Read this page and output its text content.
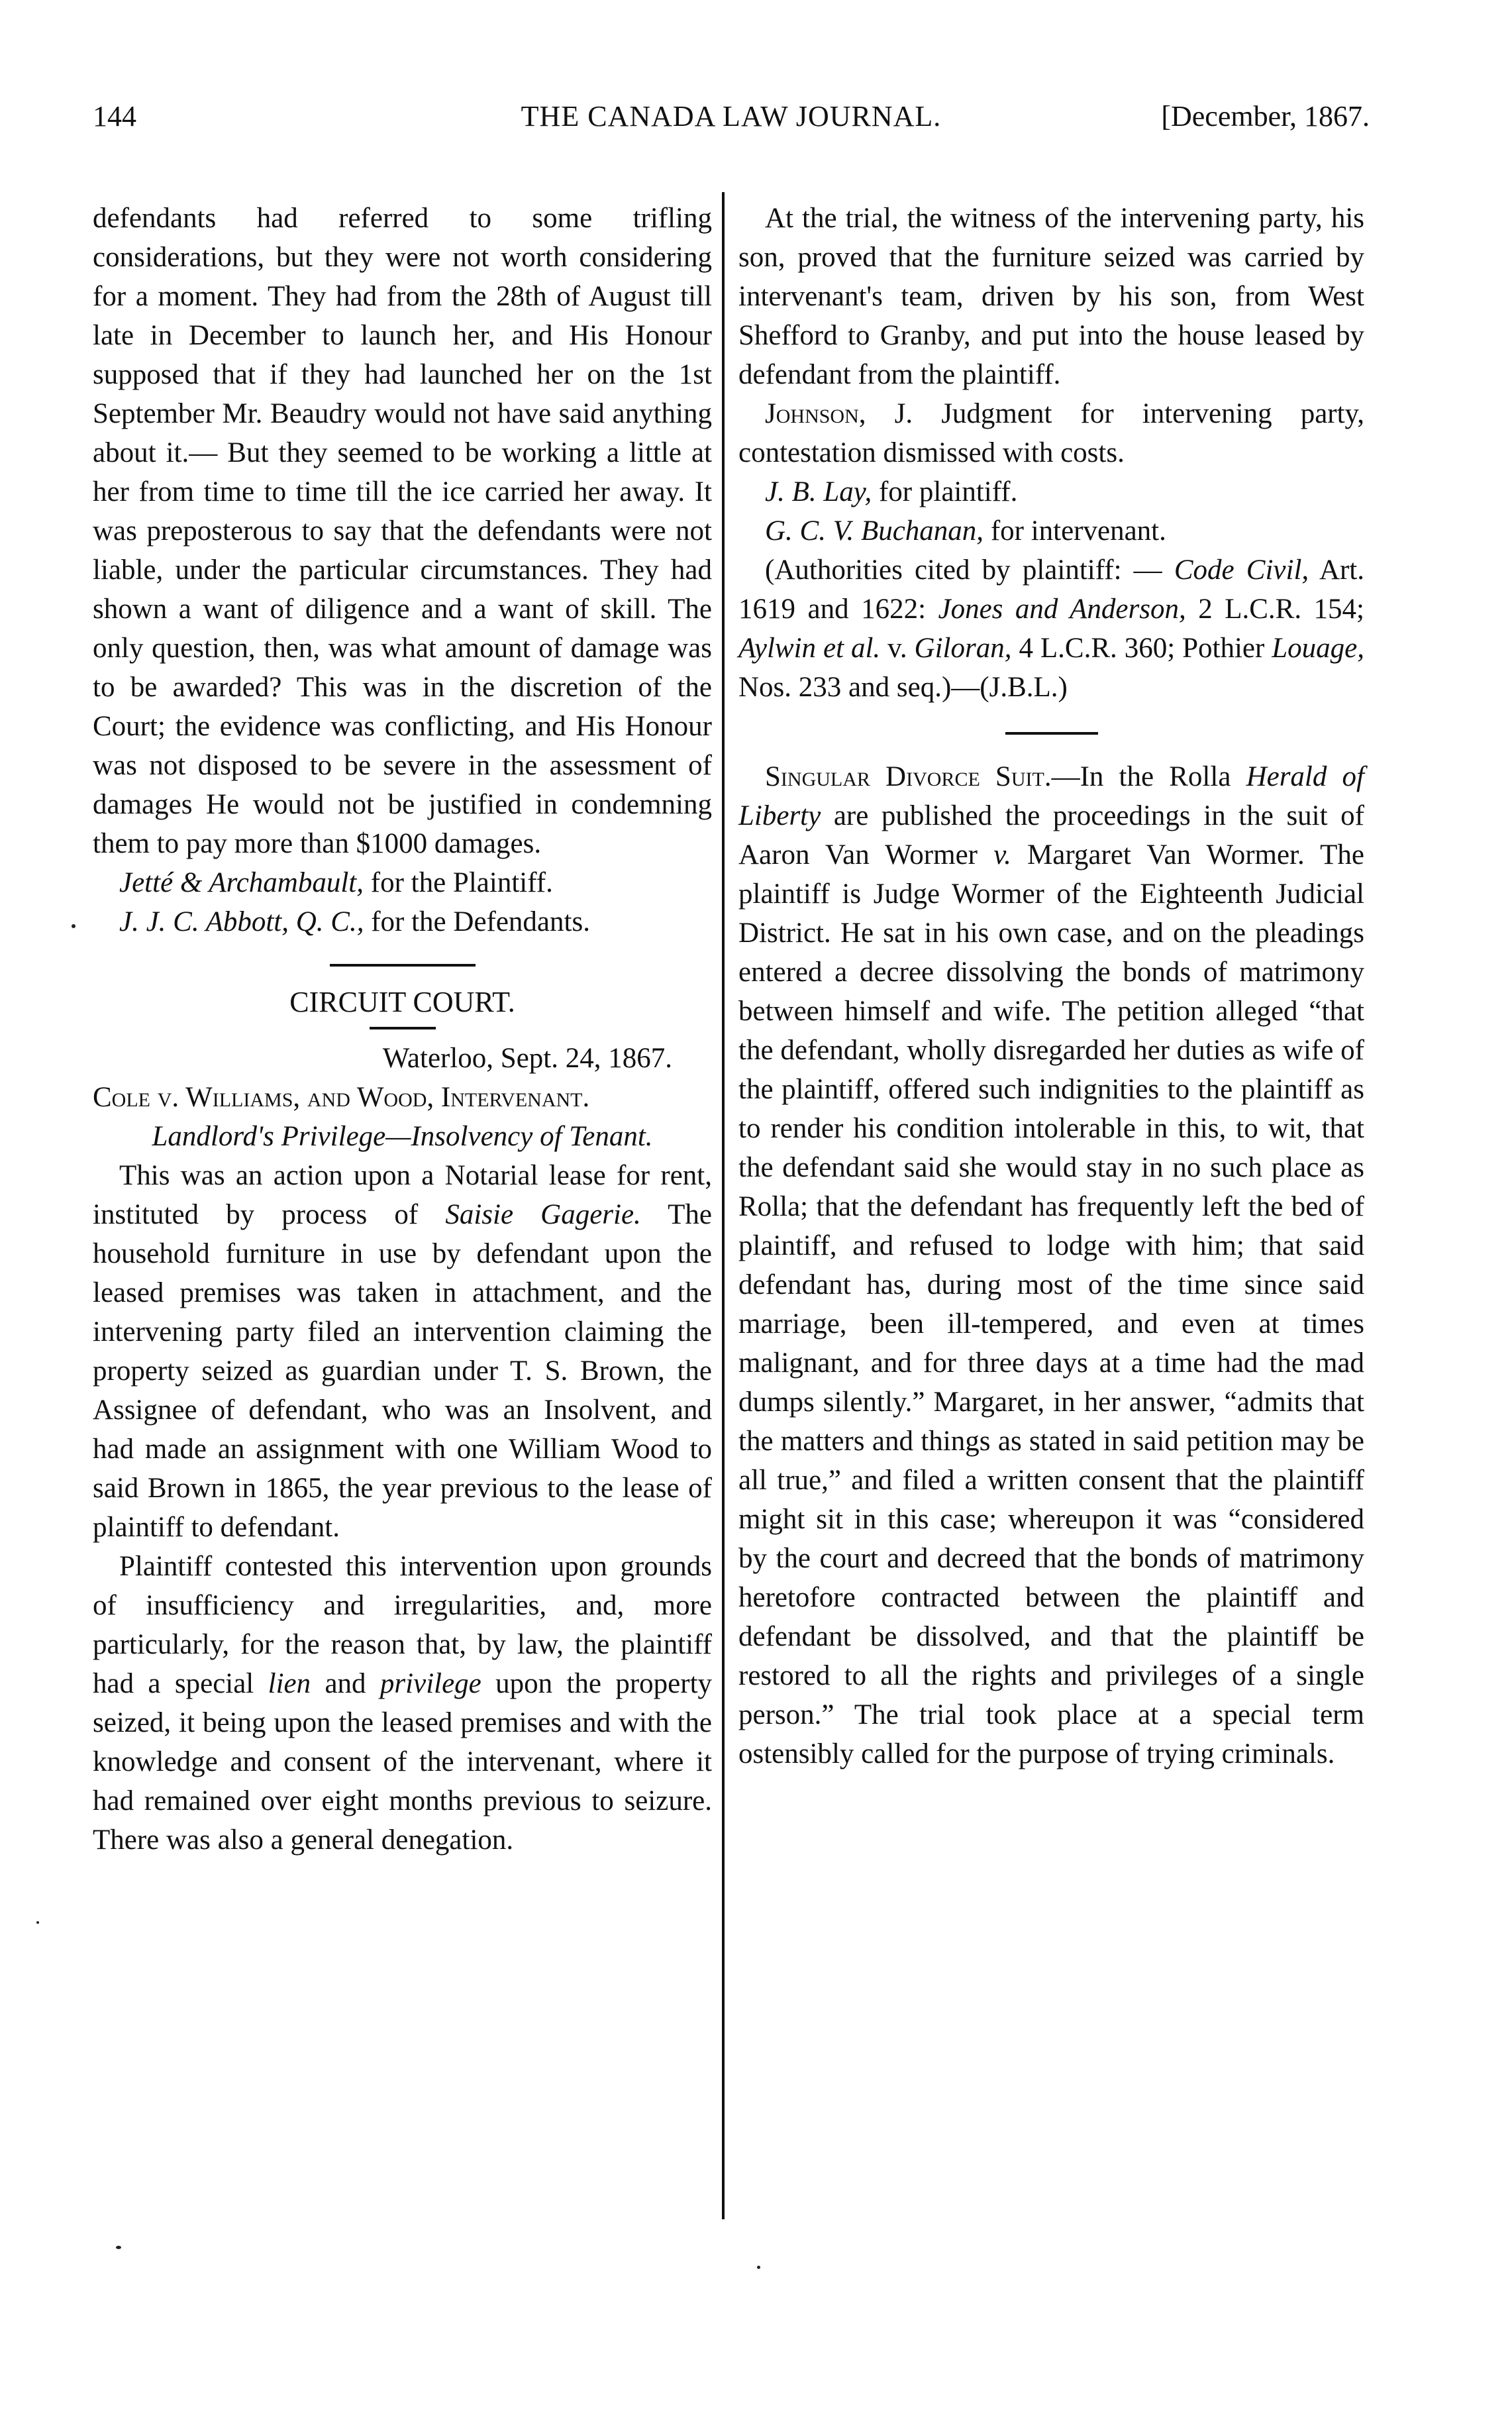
144	THE CANADA LAW JOURNAL.	[December, 1867.

defendants had referred to some trifling considerations, but they were not worth considering for a moment. They had from the 28th of August till late in December to launch her, and His Honour supposed that if they had launched her on the 1st September Mr. Beaudry would not have said anything about it.— But they seemed to be working a little at her from time to time till the ice carried her away. It was preposterous to say that the defendants were not liable, under the particular circumstances. They had shown a want of diligence and a want of skill. The only question, then, was what amount of damage was to be awarded? This was in the discretion of the Court; the evidence was conflicting, and His Honour was not disposed to be severe in the assessment of damages He would not be justified in condemning them to pay more than $1000 damages.

Jetté & Archambault, for the Plaintiff.

J. J. C. Abbott, Q. C., for the Defendants.

CIRCUIT COURT.

Waterloo, Sept. 24, 1867.

Cole v. Williams, and Wood, Intervenant.

Landlord's Privilege—Insolvency of Tenant.

This was an action upon a Notarial lease for rent, instituted by process of Saisie Gagerie. The household furniture in use by defendant upon the leased premises was taken in attachment, and the intervening party filed an intervention claiming the property seized as guardian under T. S. Brown, the Assignee of defendant, who was an Insolvent, and had made an assignment with one William Wood to said Brown in 1865, the year previous to the lease of plaintiff to defendant.

Plaintiff contested this intervention upon grounds of insufficiency and irregularities, and, more particularly, for the reason that, by law, the plaintiff had a special lien and privilege upon the property seized, it being upon the leased premises and with the knowledge and consent of the intervenant, where it had remained over eight months previous to seizure. There was also a general denegation.

At the trial, the witness of the intervening party, his son, proved that the furniture seized was carried by intervenant's team, driven by his son, from West Shefford to Granby, and put into the house leased by defendant from the plaintiff.

Johnson, J. Judgment for intervening party, contestation dismissed with costs.

J. B. Lay, for plaintiff.

G. C. V. Buchanan, for intervenant.

(Authorities cited by plaintiff: — Code Civil, Art. 1619 and 1622: Jones and Anderson, 2 L.C.R. 154; Aylwin et al. v. Giloran, 4 L.C.R. 360; Pothier Louage, Nos. 233 and seq.)—(J.B.L.)

Singular Divorce Suit.—In the Rolla Herald of Liberty are published the proceedings in the suit of Aaron Van Wormer v. Margaret Van Wormer. The plaintiff is Judge Wormer of the Eighteenth Judicial District. He sat in his own case, and on the pleadings entered a decree dissolving the bonds of matrimony between himself and wife. The petition alleged “that the defendant, wholly disregarded her duties as wife of the plaintiff, offered such indignities to the plaintiff as to render his condition intolerable in this, to wit, that the defendant said she would stay in no such place as Rolla; that the defendant has frequently left the bed of plaintiff, and refused to lodge with him; that said defendant has, during most of the time since said marriage, been ill-tempered, and even at times malignant, and for three days at a time had the mad dumps silently.” Margaret, in her answer, “admits that the matters and things as stated in said petition may be all true,” and filed a written consent that the plaintiff might sit in this case; whereupon it was “considered by the court and decreed that the bonds of matrimony heretofore contracted between the plaintiff and defendant be dissolved, and that the plaintiff be restored to all the rights and privileges of a single person.” The trial took place at a special term ostensibly called for the purpose of trying criminals.
